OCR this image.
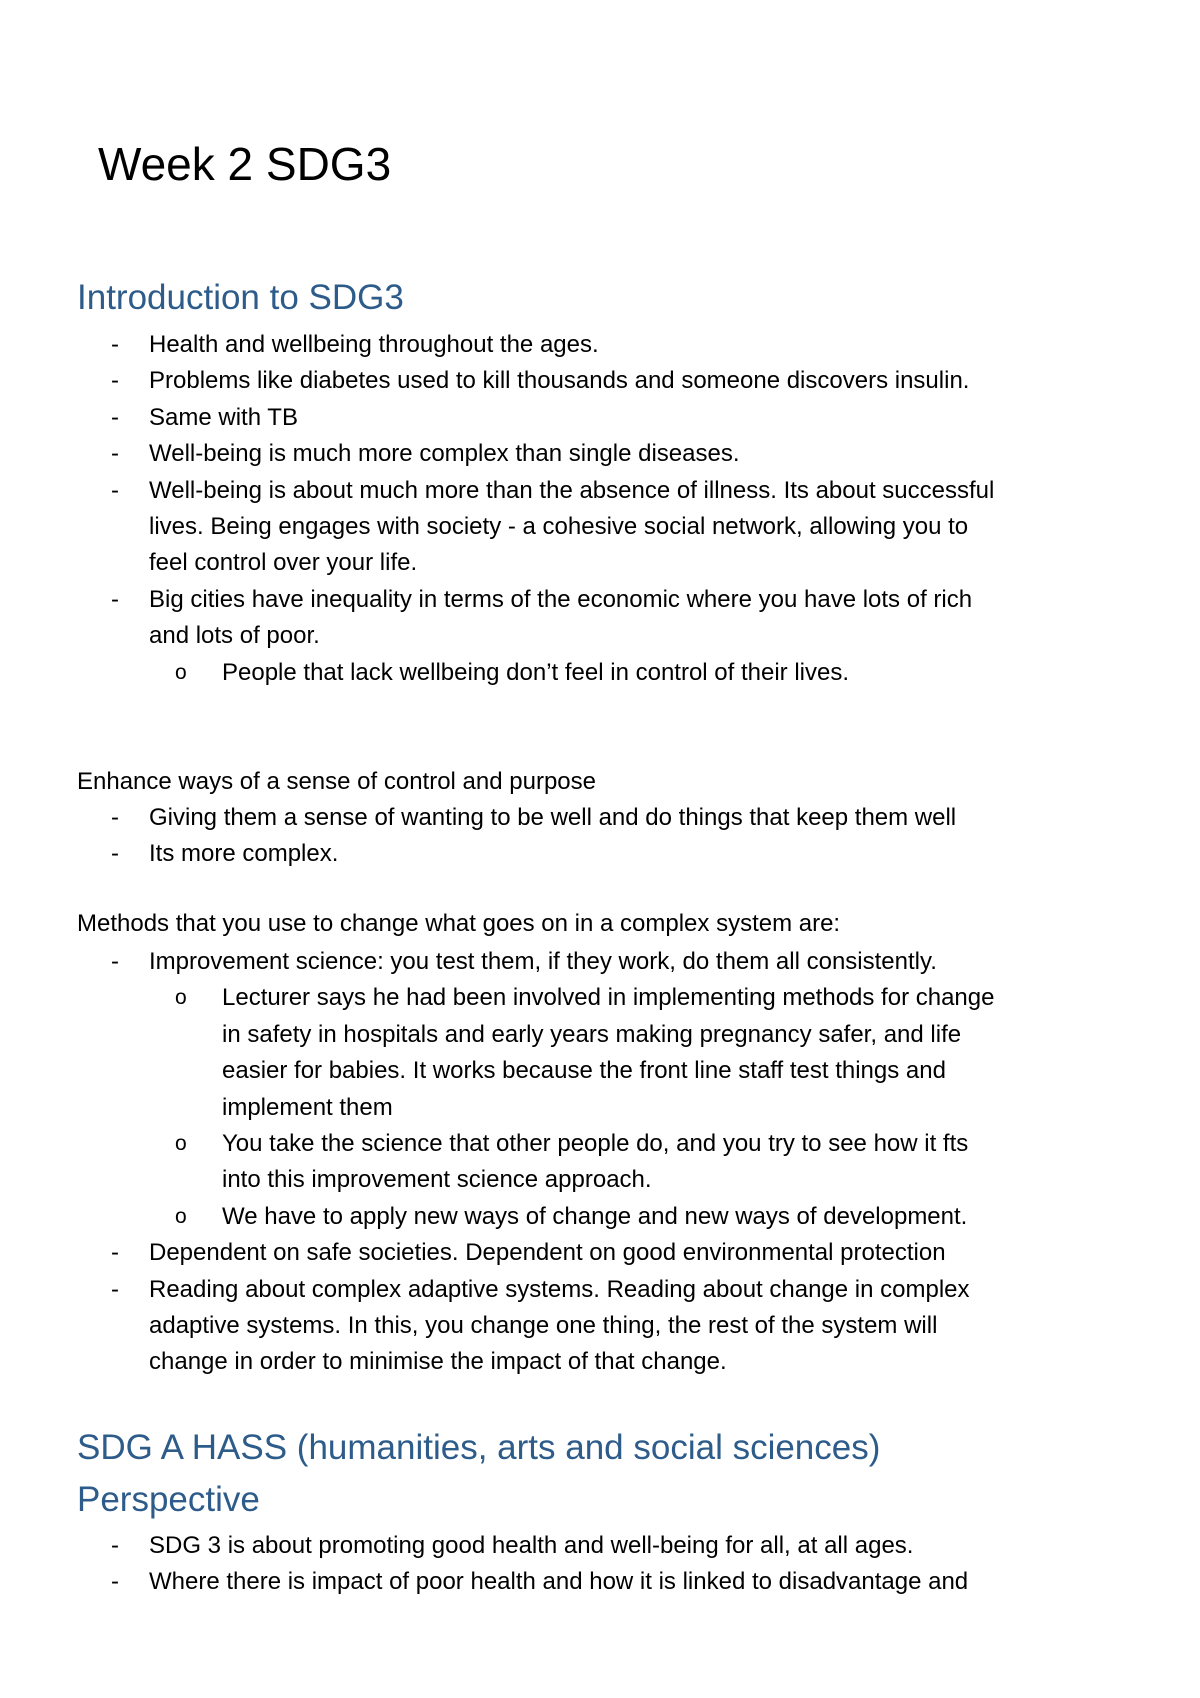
Week 2 SDG3
Introduction to SDG3
- Health and wellbeing throughout the ages.
- Problems like diabetes used to kill thousands and someone discovers insulin.
- Same with TB
- Well-being is much more complex than single diseases.
- Well-being is about much more than the absence of illness. Its about successful
lives. Being engages with society - a cohesive social network, allowing you to
feel control over your life.
- Big cities have inequality in terms of the economic where you have lots of rich
and lots of poor.
o People that lack wellbeing don’t feel in control of their lives.

Enhance ways of a sense of control and purpose

- Giving them a sense of wanting to be well and do things that keep them well
- Its more complex.

Methods that you use to change what goes on in a complex system are:

- Improvement science: you test them, if they work, do them all consistently.
o Lecturer says he had been involved in implementing methods for change
in safety in hospitals and early years making pregnancy safer, and life
easier for babies. It works because the front line staff test things and
implement them
o You take the science that other people do, and you try to see how it fts
into this improvement science approach.
o We have to apply new ways of change and new ways of development.
- Dependent on safe societies. Dependent on good environmental protection
- Reading about complex adaptive systems. Reading about change in complex
adaptive systems. In this, you change one thing, the rest of the system will
change in order to minimise the impact of that change.
SDG A HASS (humanities, arts and social sciences)
Perspective
- SDG 3 is about promoting good health and well-being for all, at all ages.
- Where there is impact of poor health and how it is linked to disadvantage and
